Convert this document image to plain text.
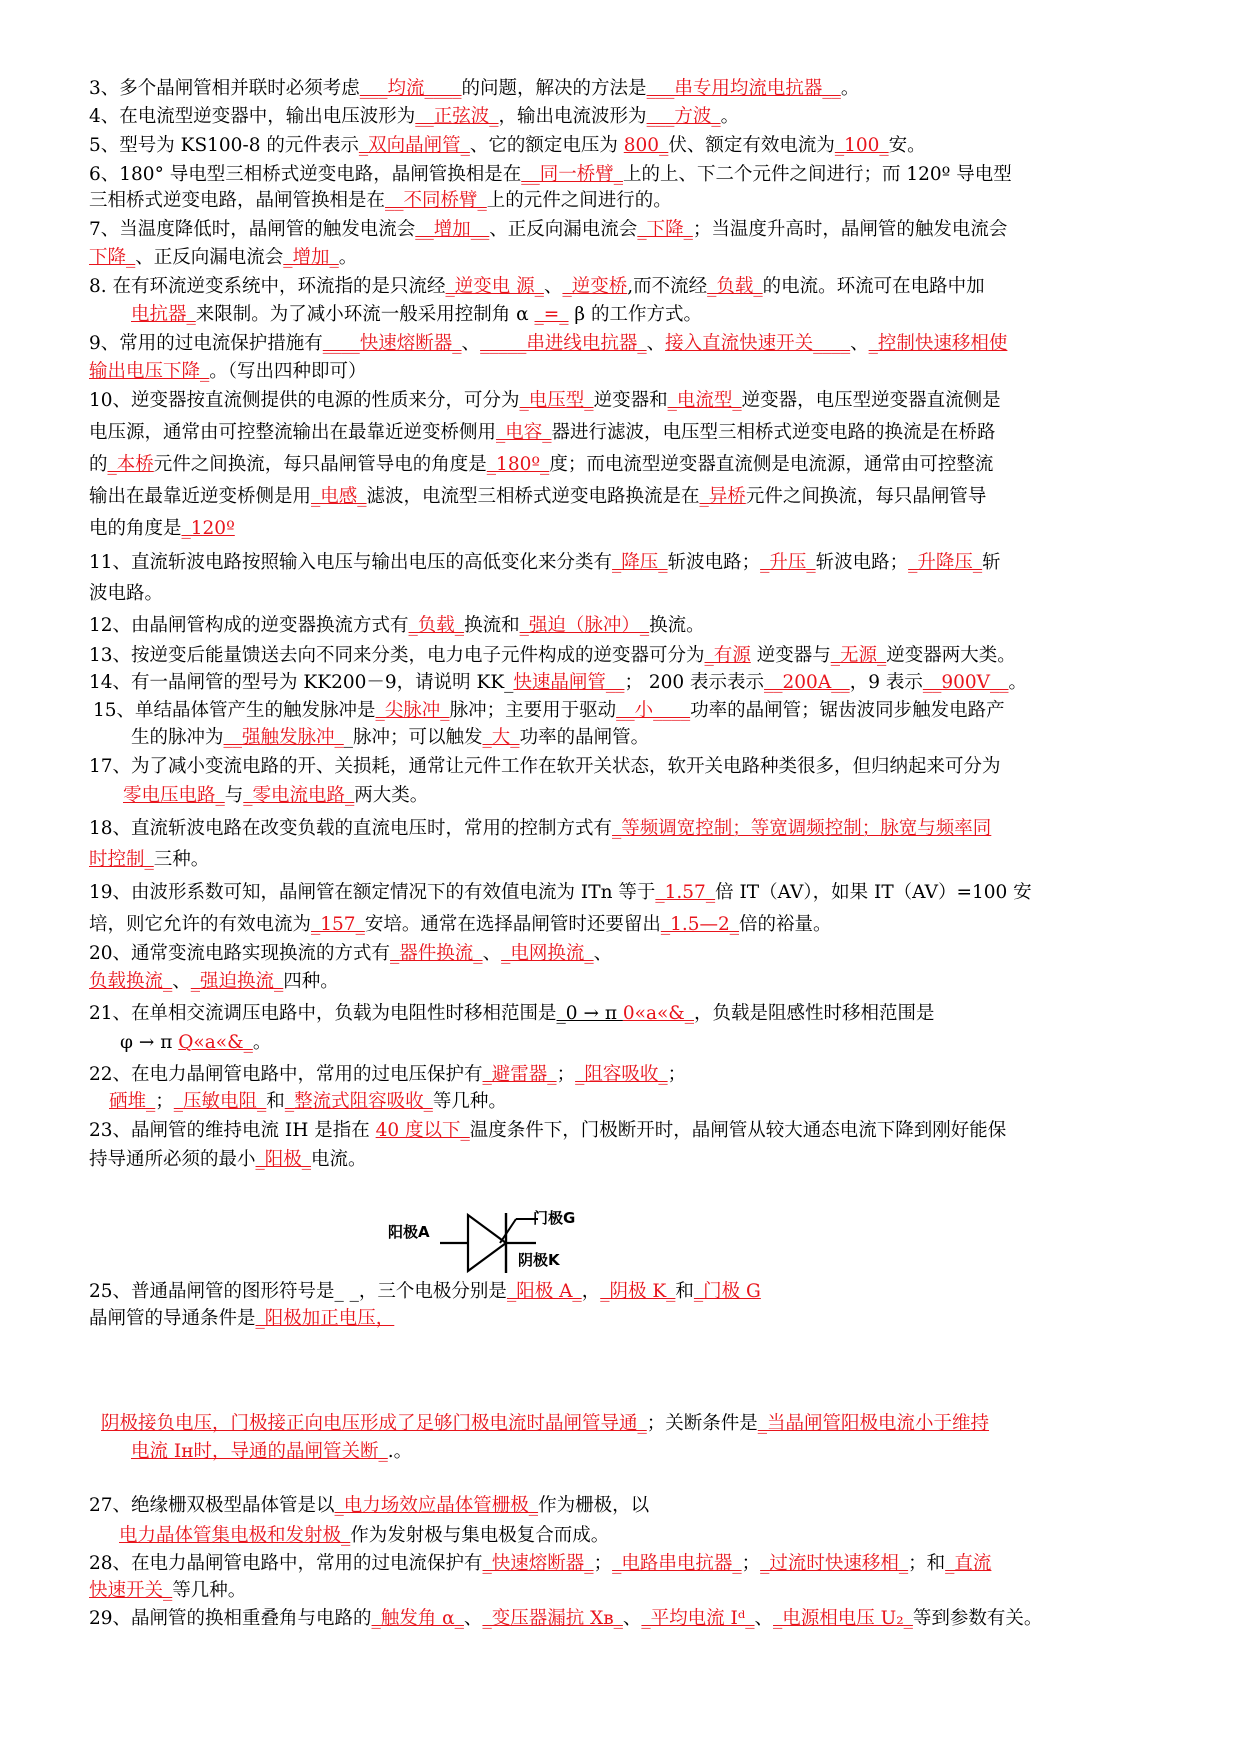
3、多个晶闸管相并联时必须考虑___均流____的问题，解决的方法是___串专用均流电抗器__。
4、在电流型逆变器中，输出电压波形为__正弦波_，输出电流波形为___方波_。
5、型号为 KS100-8 的元件表示_双向晶闸管_、它的额定电压为 800_伏、额定有效电流为_100_安。
6、180° 导电型三相桥式逆变电路，晶闸管换相是在__同一桥臂_上的上、下二个元件之间进行；而 120º 导电型
三相桥式逆变电路，晶闸管换相是在__不同桥臂_上的元件之间进行的。
7、当温度降低时，晶闸管的触发电流会__增加__、正反向漏电流会_下降_；当温度升高时，晶闸管的触发电流会
下降_、正反向漏电流会_增加_。
8. 在有环流逆变系统中，环流指的是只流经_逆变电 源_、_逆变桥,而不流经_负载_的电流。环流可在电路中加
电抗器_来限制。为了减小环流一般采用控制角 α _=_ β 的工作方式。
9、常用的过电流保护措施有____快速熔断器_、_____串进线电抗器_、接入直流快速开关____、_控制快速移相使
输出电压下降_。（写出四种即可）
10、逆变器按直流侧提供的电源的性质来分，可分为_电压型_逆变器和_电流型_逆变器，电压型逆变器直流侧是
电压源，通常由可控整流输出在最靠近逆变桥侧用_电容_器进行滤波，电压型三相桥式逆变电路的换流是在桥路
的_本桥元件之间换流，每只晶闸管导电的角度是_180º_度；而电流型逆变器直流侧是电流源，通常由可控整流
输出在最靠近逆变桥侧是用_电感_滤波，电流型三相桥式逆变电路换流是在_异桥元件之间换流，每只晶闸管导
电的角度是_120º
11、直流斩波电路按照输入电压与输出电压的高低变化来分类有_降压_斩波电路；_升压_斩波电路；_升降压_斩
波电路。
12、由晶闸管构成的逆变器换流方式有_负载_换流和_强迫（脉冲）_换流。
13、按逆变后能量馈送去向不同来分类，电力电子元件构成的逆变器可分为_有源 逆变器与_无源_逆变器两大类。
14、有一晶闸管的型号为 KK200－9，请说明 KK_快速晶闸管__； 200 表示表示__200A__，9 表示__900V__。
15、单结晶体管产生的触发脉冲是_尖脉冲_脉冲；主要用于驱动__小____功率的晶闸管；锯齿波同步触发电路产
生的脉冲为__强触发脉冲__脉冲；可以触发_大_功率的晶闸管。
17、为了减小变流电路的开、关损耗，通常让元件工作在软开关状态，软开关电路种类很多，但归纳起来可分为
零电压电路_与_零电流电路_两大类。
18、直流斩波电路在改变负载的直流电压时，常用的控制方式有_等频调宽控制；等宽调频控制；脉宽与频率同
时控制_三种。
19、由波形系数可知，晶闸管在额定情况下的有效值电流为 ITn 等于_1.57_倍 IT（AV），如果 IT（AV）=100 安
培，则它允许的有效电流为_157_安培。通常在选择晶闸管时还要留出_1.5—2_倍的裕量。
20、通常变流电路实现换流的方式有_器件换流_、_电网换流_、
负载换流_、_强迫换流_四种。
21、在单相交流调压电路中，负载为电阻性时移相范围是_0 → π 0«a«&_，负载是阻感性时移相范围是
φ → π Q«a«&_。
22、在电力晶闸管电路中，常用的过电压保护有_避雷器_；_阻容吸收_；
硒堆_；_压敏电阻_和_整流式阻容吸收_等几种。
23、晶闸管的维持电流 IH 是指在 40 度以下_温度条件下，门极断开时，晶闸管从较大通态电流下降到刚好能保
持导通所必须的最小_阳极_电流。
25、普通晶闸管的图形符号是_ _，三个电极分别是_阳极 A_，_阴极 K_和_门极 G
晶闸管的导通条件是_阳极加正电压，
阴极接负电压，门极接正向电压形成了足够门极电流时晶闸管导通_；关断条件是_当晶闸管阳极电流小于维持
电流 Iʜ时，导通的晶闸管关断_.。
27、绝缘栅双极型晶体管是以_电力场效应晶体管栅极_作为栅极，以
电力晶体管集电极和发射极_作为发射极与集电极复合而成。
28、在电力晶闸管电路中，常用的过电流保护有_快速熔断器_；_电路串电抗器_；_过流时快速移相_；和_直流
快速开关_等几种。
29、晶闸管的换相重叠角与电路的_触发角 α_、_变压器漏抗 Xʙ_、_平均电流 Iᵈ_、_电源相电压 U₂_等到参数有关。
阳极A
门极G
阴极K
